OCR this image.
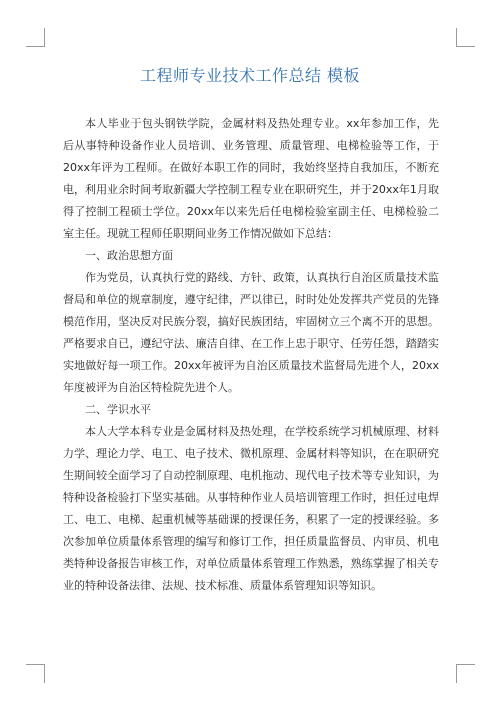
工程师专业技术工作总结 模板

本人毕业于包头钢铁学院，金属材料及热处理专业。xx年参加工作，先后从事特种设备作业人员培训、业务管理、质量管理、电梯检验等工作，于20xx年评为工程师。在做好本职工作的同时，我始终坚持自我加压，不断充电，利用业余时间考取新疆大学控制工程专业在职研究生，并于20xx年1月取得了控制工程硕士学位。20xx年以来先后任电梯检验室副主任、电梯检验二室主任。现就工程师任职期间业务工作情况做如下总结：

一、政治思想方面

作为党员，认真执行党的路线、方针、政策，认真执行自治区质量技术监督局和单位的规章制度，遵守纪律，严以律已，时时处处发挥共产党员的先锋模范作用，坚决反对民族分裂，搞好民族团结，牢固树立三个离不开的思想。严格要求自已，遵纪守法、廉洁自律、在工作上忠于职守、任劳任怨，踏踏实实地做好每一项工作。20xx年被评为自治区质量技术监督局先进个人，20xx年度被评为自治区特检院先进个人。

二、学识水平

本人大学本科专业是金属材料及热处理，在学校系统学习机械原理、材料力学、理论力学、电工、电子技术、微机原理、金属材料等知识，在在职研究生期间较全面学习了自动控制原理、电机拖动、现代电子技术等专业知识，为特种设备检验打下坚实基础。从事特种作业人员培训管理工作时，担任过电焊工、电工、电梯、起重机械等基础课的授课任务，积累了一定的授课经验。多次参加单位质量体系管理的编写和修订工作，担任质量监督员、内审员、机电类特种设备报告审核工作，对单位质量体系管理工作熟悉，熟练掌握了相关专业的特种设备法律、法规、技术标准、质量体系管理知识等知识。
